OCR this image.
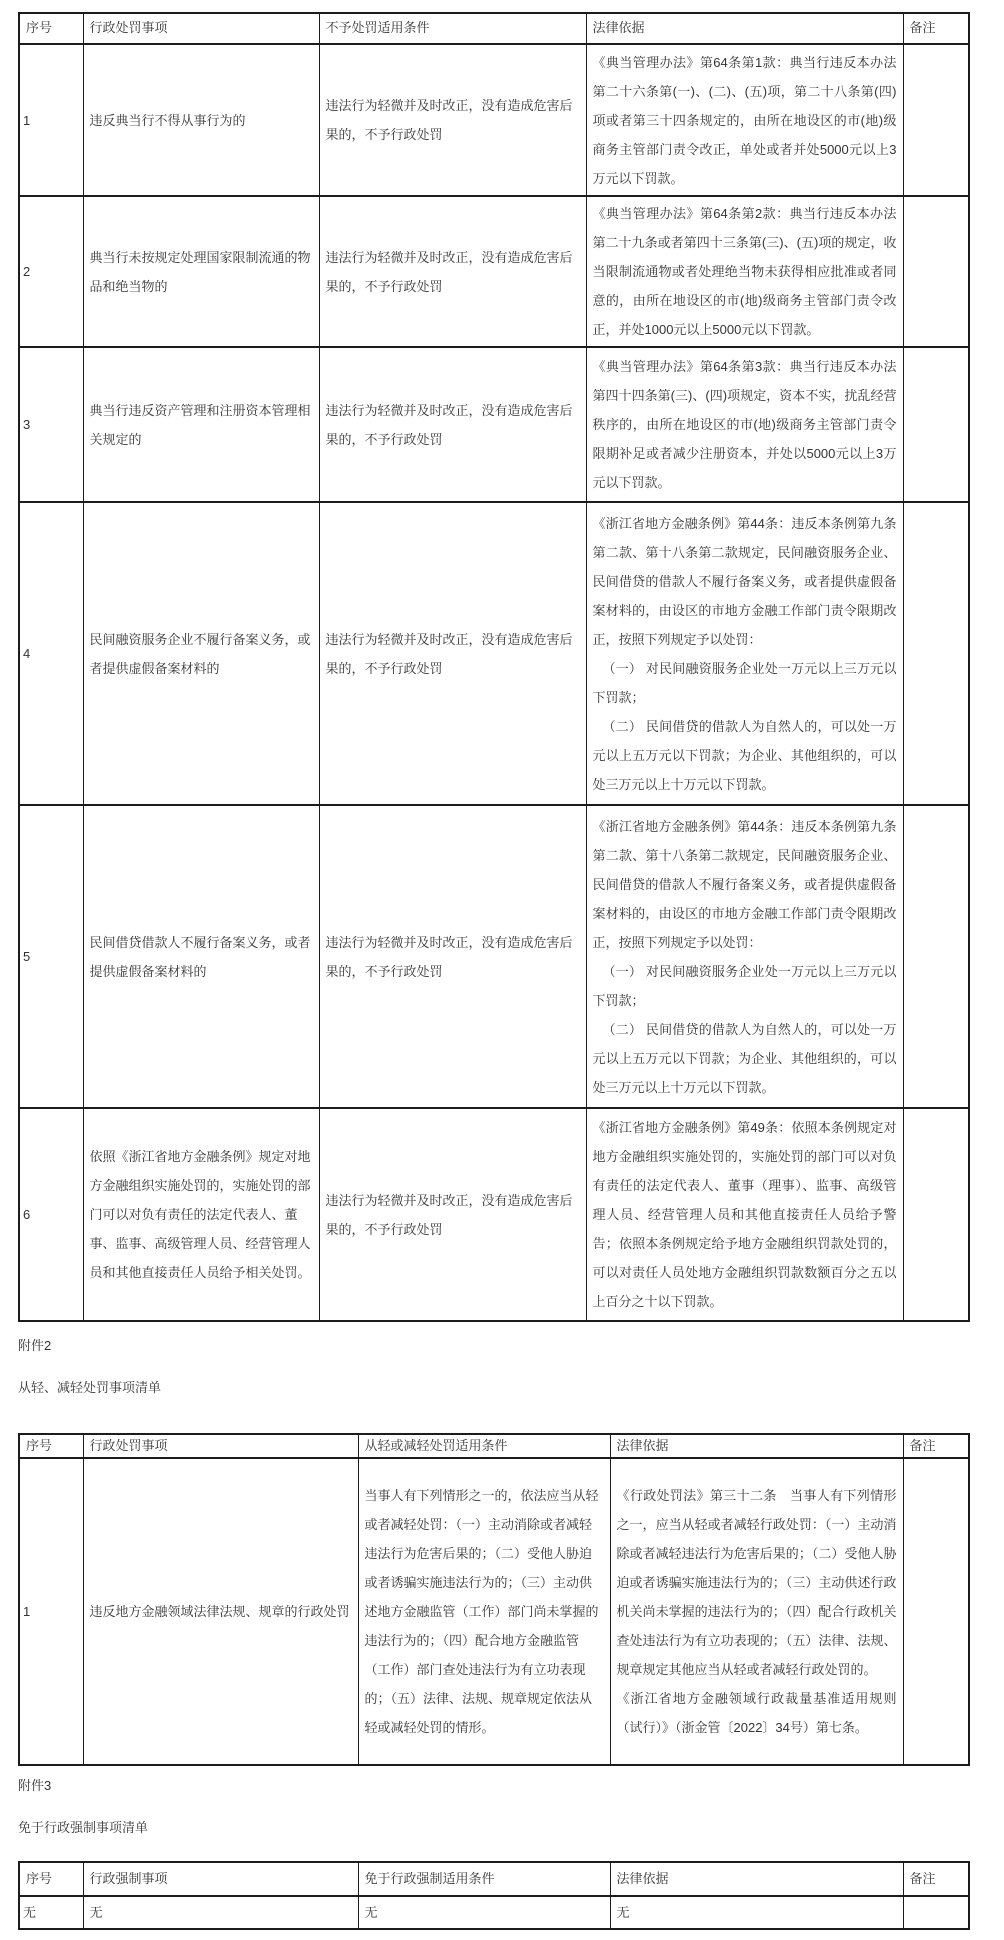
序号	行政处罚事项	不予处罚适用条件	法律依据	备注

1	违反典当行不得从事行为的	违法行为轻微并及时改正，没有造成危害后果的，不予行政处罚	《典当管理办法》第64条第1款：典当行违反本办法第二十六条第(一)、(二)、(五)项，第二十八条第(四)项或者第三十四条规定的，由所在地设区的市(地)级商务主管部门责令改正，单处或者并处5000元以上3万元以下罚款。	

2	典当行未按规定处理国家限制流通的物品和绝当物的	违法行为轻微并及时改正，没有造成危害后果的，不予行政处罚	《典当管理办法》第64条第2款：典当行违反本办法第二十九条或者第四十三条第(三)、(五)项的规定，收当限制流通物或者处理绝当物未获得相应批准或者同意的，由所在地设区的市(地)级商务主管部门责令改正，并处1000元以上5000元以下罚款。	

3	典当行违反资产管理和注册资本管理相关规定的	违法行为轻微并及时改正，没有造成危害后果的，不予行政处罚	《典当管理办法》第64条第3款：典当行违反本办法第四十四条第(三)、(四)项规定，资本不实，扰乱经营秩序的，由所在地设区的市(地)级商务主管部门责令限期补足或者减少注册资本，并处以5000元以上3万元以下罚款。	

4	民间融资服务企业不履行备案义务，或者提供虚假备案材料的	违法行为轻微并及时改正，没有造成危害后果的，不予行政处罚	《浙江省地方金融条例》第44条：违反本条例第九条第二款、第十八条第二款规定，民间融资服务企业、民间借贷的借款人不履行备案义务，或者提供虚假备案材料的，由设区的市地方金融工作部门责令限期改正，按照下列规定予以处罚：

（一） 对民间融资服务企业处一万元以上三万元以下罚款；

（二） 民间借贷的借款人为自然人的，可以处一万元以上五万元以下罚款；为企业、其他组织的，可以处三万元以上十万元以下罚款。	

5	民间借贷借款人不履行备案义务，或者提供虚假备案材料的	违法行为轻微并及时改正，没有造成危害后果的，不予行政处罚	《浙江省地方金融条例》第44条：违反本条例第九条第二款、第十八条第二款规定，民间融资服务企业、民间借贷的借款人不履行备案义务，或者提供虚假备案材料的，由设区的市地方金融工作部门责令限期改正，按照下列规定予以处罚：

（一） 对民间融资服务企业处一万元以上三万元以下罚款；

（二） 民间借贷的借款人为自然人的，可以处一万元以上五万元以下罚款；为企业、其他组织的，可以处三万元以上十万元以下罚款。	

6	依照《浙江省地方金融条例》规定对地方金融组织实施处罚的，实施处罚的部门可以对负有责任的法定代表人、董事、监事、高级管理人员、经营管理人员和其他直接责任人员给予相关处罚。	违法行为轻微并及时改正，没有造成危害后果的，不予行政处罚	《浙江省地方金融条例》第49条：依照本条例规定对地方金融组织实施处罚的，实施处罚的部门可以对负有责任的法定代表人、董事（理事）、监事、高级管理人员、经营管理人员和其他直接责任人员给予警告；依照本条例规定给予地方金融组织罚款处罚的，可以对责任人员处地方金融组织罚款数额百分之五以上百分之十以下罚款。	

附件2

从轻、减轻处罚事项清单

序号	行政处罚事项	从轻或减轻处罚适用条件	法律依据	备注

1	违反地方金融领域法律法规、规章的行政处罚	当事人有下列情形之一的，依法应当从轻或者减轻处罚：（一）主动消除或者减轻违法行为危害后果的；（二）受他人胁迫或者诱骗实施违法行为的；（三）主动供述地方金融监管（工作）部门尚未掌握的违法行为的；（四）配合地方金融监管（工作）部门查处违法行为有立功表现的；（五）法律、法规、规章规定依法从轻或减轻处罚的情形。	《行政处罚法》第三十二条　当事人有下列情形之一，应当从轻或者减轻行政处罚：（一）主动消除或者减轻违法行为危害后果的；（二）受他人胁迫或者诱骗实施违法行为的；（三）主动供述行政机关尚未掌握的违法行为的；（四）配合行政机关查处违法行为有立功表现的；（五）法律、法规、规章规定其他应当从轻或者减轻行政处罚的。

《浙江省地方金融领域行政裁量基准适用规则（试行）》（浙金管〔2022〕34号）第七条。	

附件3

免于行政强制事项清单

序号	行政强制事项	免于行政强制适用条件	法律依据	备注

无	无	无	无	
